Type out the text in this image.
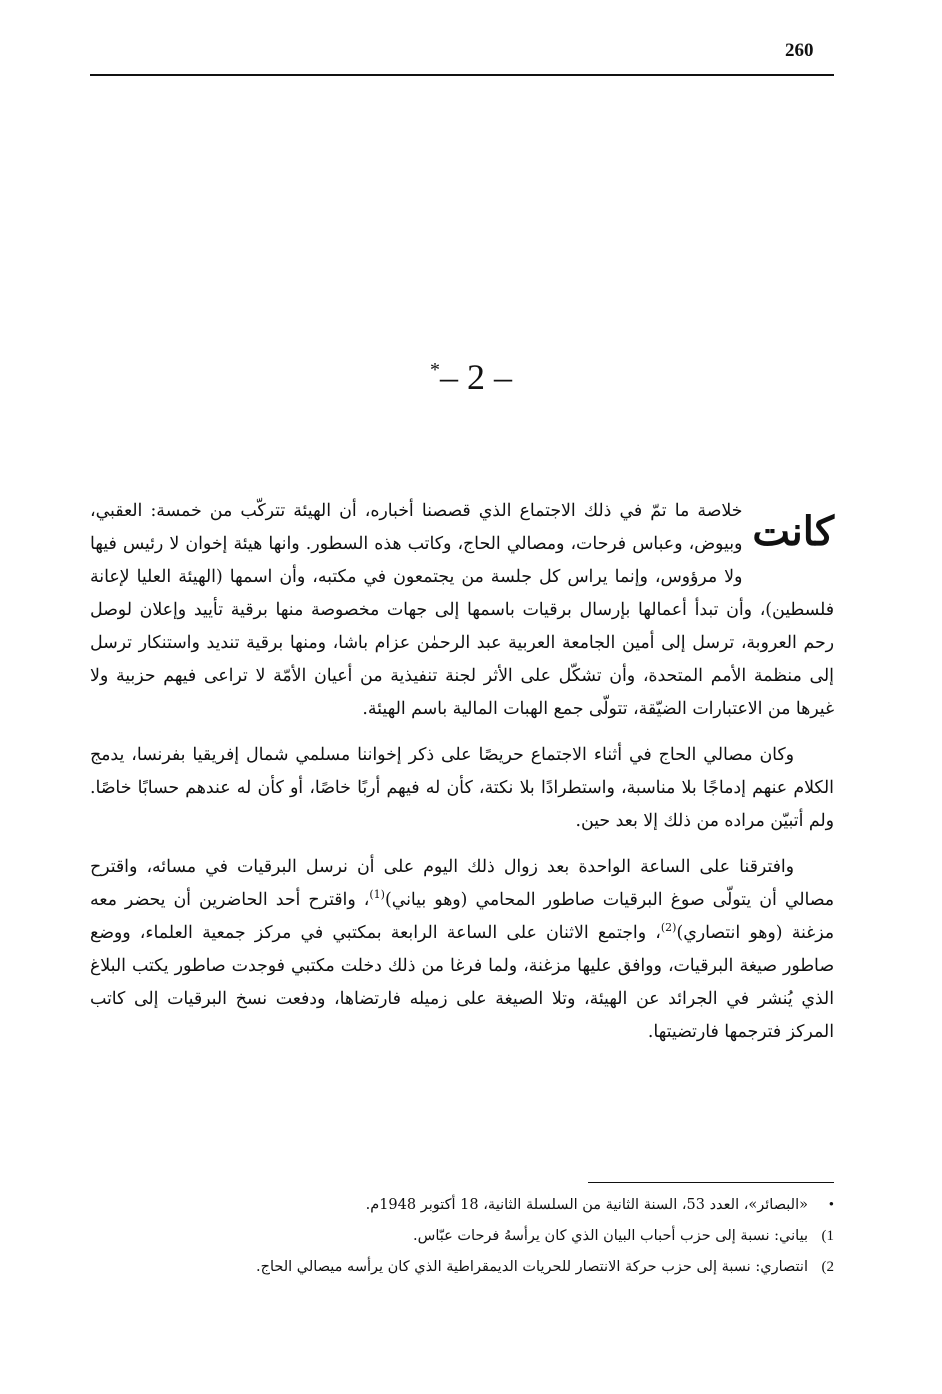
260
*– 2 –

كانت
خلاصة ما تمّ في ذلك الاجتماع الذي قصصنا أخباره، أن الهيئة تتركّب من خمسة: العقبي، وبيوض، وعباس فرحات، ومصالي الحاج، وكاتب هذه السطور. وانها هيئة إخوان لا رئيس فيها ولا مرؤوس، وإنما يراس كل جلسة من يجتمعون في مكتبه، وأن اسمها (الهيئة العليا لإعانة فلسطين)، وأن تبدأ أعمالها بإرسال برقيات باسمها إلى جهات مخصوصة منها برقية تأييد وإعلان لوصل رحم العروبة، ترسل إلى أمين الجامعة العربية عبد الرحمٰن عزام باشا، ومنها برقية تنديد واستنكار ترسل إلى منظمة الأمم المتحدة، وأن تشكّل على الأثر لجنة تنفيذية من أعيان الأمّة لا تراعى فيهم حزبية ولا غيرها من الاعتبارات الضيّقة، تتولّى جمع الهبات المالية باسم الهيئة.

وكان مصالي الحاج في أثناء الاجتماع حريصًا على ذكر إخواننا مسلمي شمال إفريقيا بفرنسا، يدمج الكلام عنهم إدماجًا بلا مناسبة، واستطرادًا بلا نكتة، كأن له فيهم أربًا خاصًا، أو كأن له عندهم حسابًا خاصًا. ولم أتبيّن مراده من ذلك إلا بعد حين.

وافترقنا على الساعة الواحدة بعد زوال ذلك اليوم على أن نرسل البرقيات في مسائه، واقترح مصالي أن يتولّى صوغ البرقيات صاطور المحامي (وهو بياني)$^{(1)}$، واقترح أحد الحاضرين أن يحضر معه مزغنة (وهو انتصاري)$^{(2)}$، واجتمع الاثنان على الساعة الرابعة بمكتبي في مركز جمعية العلماء، ووضع صاطور صيغة البرقيات، ووافق عليها مزغنة، ولما فرغا من ذلك دخلت مكتبي فوجدت صاطور يكتب البلاغ الذي يُنشر في الجرائد عن الهيئة، وتلا الصيغة على زميله فارتضاها، ودفعت نسخ البرقيات إلى كاتب المركز فترجمها فارتضيتها.

•
«البصائر»، العدد 53، السنة الثانية من السلسلة الثانية، 18 أكتوبر 1948م.
1)
بياني: نسبة إلى حزب أحباب البيان الذي كان يرأسهُ فرحات عبّاس.
2)
انتصاري: نسبة إلى حزب حركة الانتصار للحريات الديمقراطية الذي كان يرأسه ميصالي الحاج.
